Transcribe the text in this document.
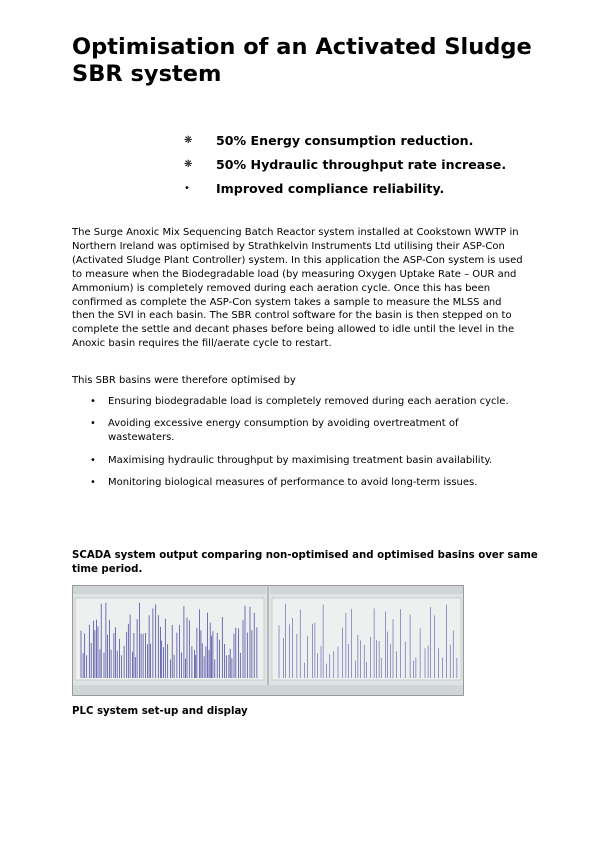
Optimisation of an Activated Sludge SBR system
❋ 50% Energy consumption reduction.
❋ 50% Hydraulic throughput rate increase.
• Improved compliance reliability.

The Surge Anoxic Mix Sequencing Batch Reactor system installed at Cookstown WWTP in Northern Ireland was optimised by Strathkelvin Instruments Ltd utilising their ASP-Con (Activated Sludge Plant Controller) system. In this application the ASP-Con system is used to measure when the Biodegradable load (by measuring Oxygen Uptake Rate – OUR and Ammonium) is completely removed during each aeration cycle. Once this has been confirmed as complete the ASP-Con system takes a sample to measure the MLSS and then the SVI in each basin. The SBR control software for the basin is then stepped on to complete the settle and decant phases before being allowed to idle until the level in the Anoxic basin requires the fill/aerate cycle to restart.

This SBR basins were therefore optimised by

• Ensuring biodegradable load is completely removed during each aeration cycle.
• Avoiding excessive energy consumption by avoiding overtreatment of wastewaters.
• Maximising hydraulic throughput by maximising treatment basin availability.
• Monitoring biological measures of performance to avoid long-term issues.

SCADA system output comparing non-optimised and optimised basins over same time period.

PLC system set-up and display
